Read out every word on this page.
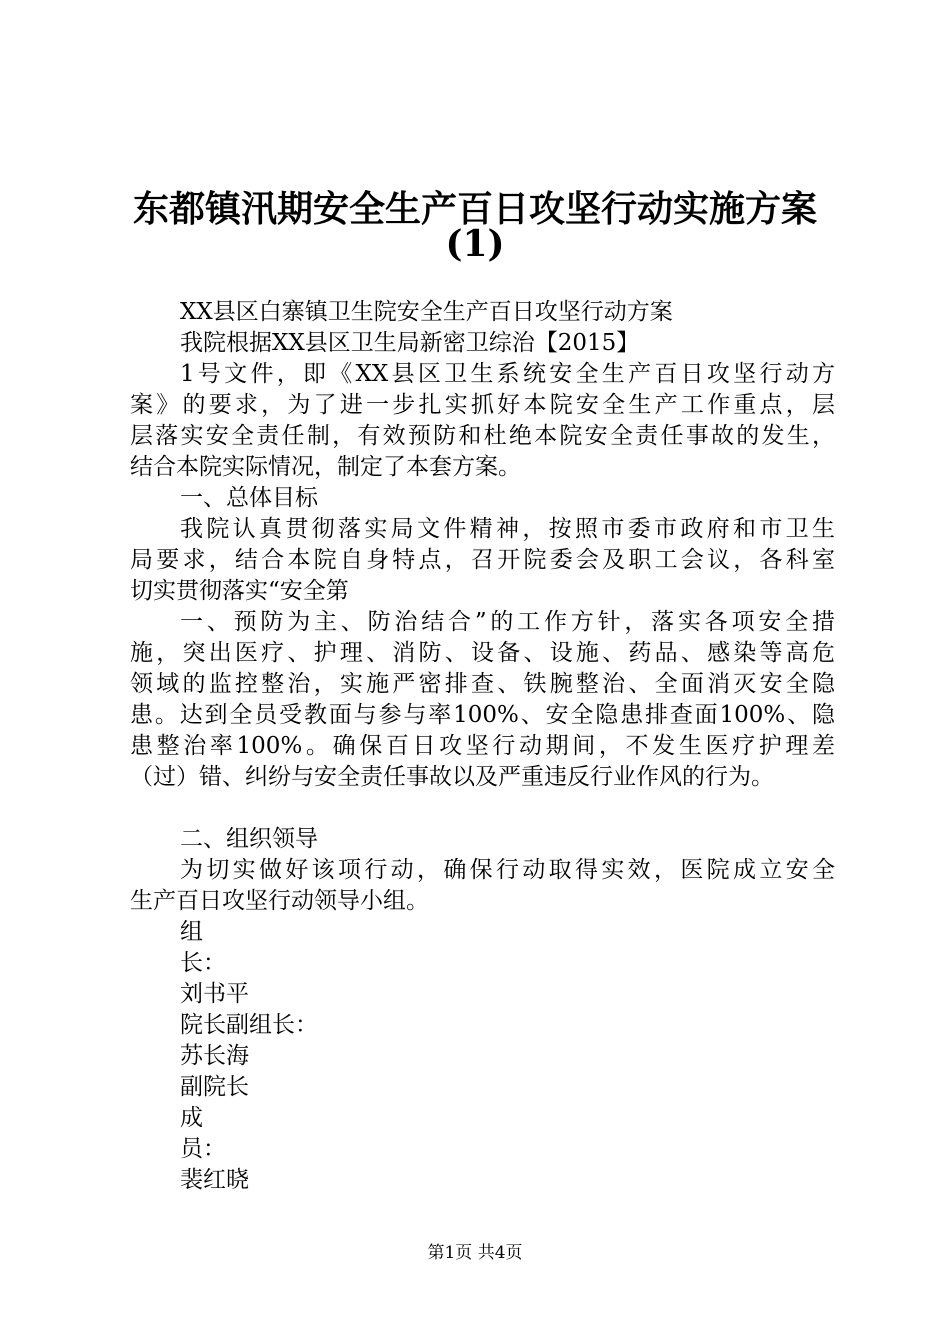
东都镇汛期安全生产百日攻坚行动实施方案
(1)

XX县区白寨镇卫生院安全生产百日攻坚行动方案

我院根据XX县区卫生局新密卫综治【2015】

1号文件，即《XX县区卫生系统安全生产百日攻坚行动方

案》的要求，为了进一步扎实抓好本院安全生产工作重点，层

层落实安全责任制，有效预防和杜绝本院安全责任事故的发生，

结合本院实际情况，制定了本套方案。

一、总体目标

我院认真贯彻落实局文件精神，按照市委市政府和市卫生

局要求，结合本院自身特点，召开院委会及职工会议，各科室

切实贯彻落实“安全第

一、预防为主、防治结合”的工作方针，落实各项安全措

施，突出医疗、护理、消防、设备、设施、药品、感染等高危

领域的监控整治，实施严密排查、铁腕整治、全面消灭安全隐

患。达到全员受教面与参与率100%、安全隐患排查面100%、隐

患整治率100%。确保百日攻坚行动期间，不发生医疗护理差

（过）错、纠纷与安全责任事故以及严重违反行业作风的行为。

二、组织领导

为切实做好该项行动，确保行动取得实效，医院成立安全

生产百日攻坚行动领导小组。

组

长：

刘书平

院长副组长：

苏长海

副院长

成

员：

裴红晓

第1页 共4页
